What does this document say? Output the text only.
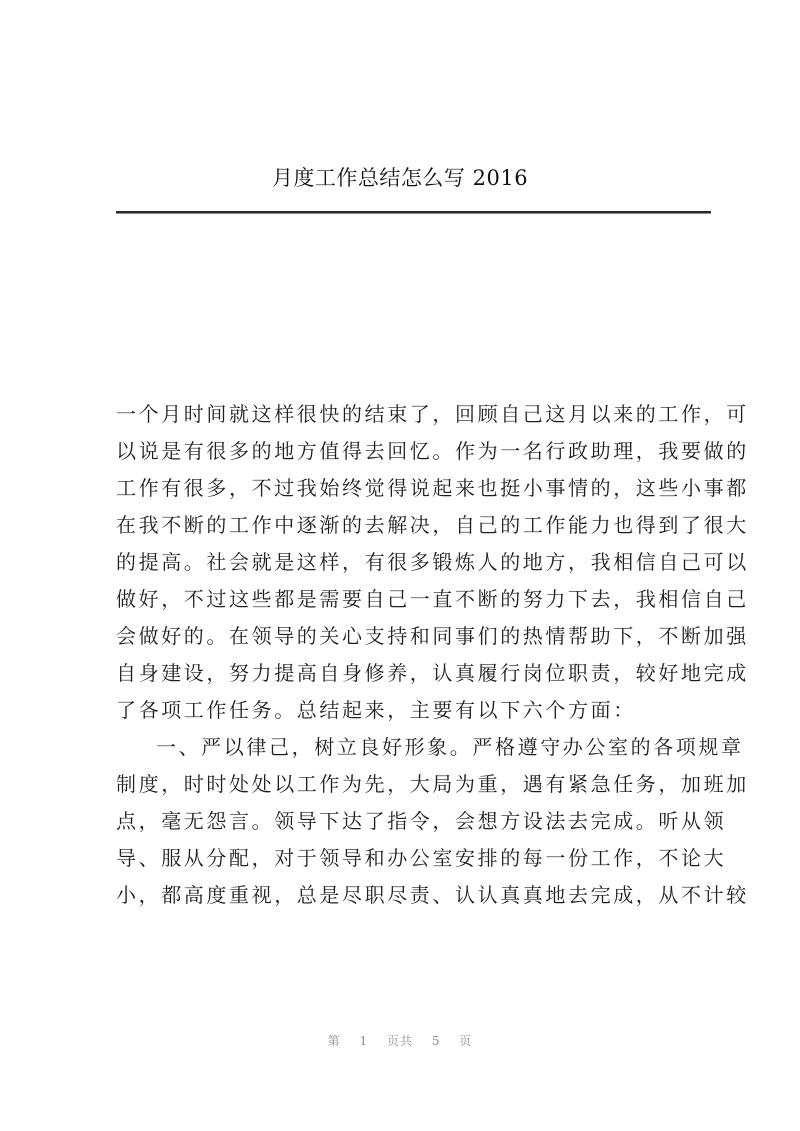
月度工作总结怎么写 2016
一个月时间就这样很快的结束了，回顾自己这月以来的工作，可
以说是有很多的地方值得去回忆。作为一名行政助理，我要做的
工作有很多，不过我始终觉得说起来也挺小事情的，这些小事都
在我不断的工作中逐渐的去解决，自己的工作能力也得到了很大
的提高。社会就是这样，有很多锻炼人的地方，我相信自己可以
做好，不过这些都是需要自己一直不断的努力下去，我相信自己
会做好的。在领导的关心支持和同事们的热情帮助下，不断加强
自身建设，努力提高自身修养，认真履行岗位职责，较好地完成
了各项工作任务。总结起来，主要有以下六个方面：
一、严以律己，树立良好形象。严格遵守办公室的各项规章
制度，时时处处以工作为先，大局为重，遇有紧急任务，加班加
点，毫无怨言。领导下达了指令，会想方设法去完成。听从领
导、服从分配，对于领导和办公室安排的每一份工作，不论大
小，都高度重视，总是尽职尽责、认认真真地去完成，从不计较
第 1 页共 5 页
